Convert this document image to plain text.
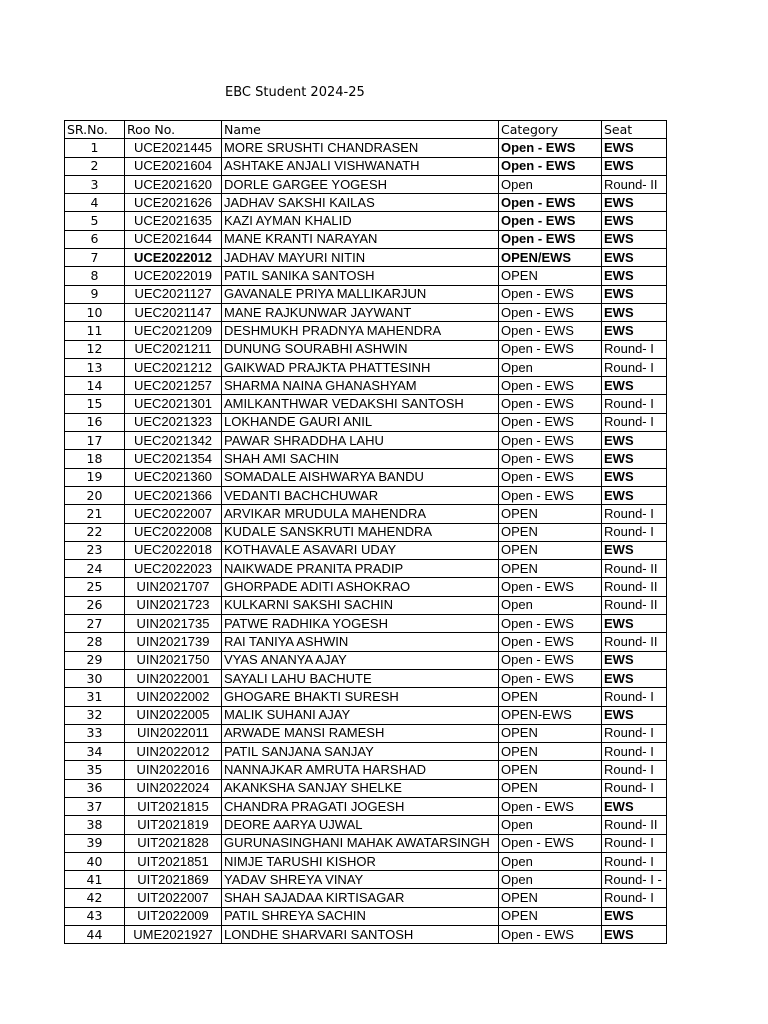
EBC Student 2024-25
SR.No.	Roo No.	Name	Category	Seat
1	UCE2021445	MORE SRUSHTI CHANDRASEN	Open - EWS	EWS
2	UCE2021604	ASHTAKE ANJALI VISHWANATH	Open - EWS	EWS
3	UCE2021620	DORLE GARGEE YOGESH	Open	Round- II
4	UCE2021626	JADHAV SAKSHI KAILAS	Open - EWS	EWS
5	UCE2021635	KAZI AYMAN KHALID	Open - EWS	EWS
6	UCE2021644	MANE KRANTI NARAYAN	Open - EWS	EWS
7	UCE2022012	JADHAV MAYURI NITIN	OPEN/EWS	EWS
8	UCE2022019	PATIL SANIKA SANTOSH	OPEN	EWS
9	UEC2021127	GAVANALE PRIYA MALLIKARJUN	Open - EWS	EWS
10	UEC2021147	MANE RAJKUNWAR JAYWANT	Open - EWS	EWS
11	UEC2021209	DESHMUKH PRADNYA MAHENDRA	Open - EWS	EWS
12	UEC2021211	DUNUNG SOURABHI ASHWIN	Open - EWS	Round- I
13	UEC2021212	GAIKWAD PRAJKTA PHATTESINH	Open	Round- I
14	UEC2021257	SHARMA NAINA GHANASHYAM	Open - EWS	EWS
15	UEC2021301	AMILKANTHWAR VEDAKSHI SANTOSH	Open - EWS	Round- I
16	UEC2021323	LOKHANDE GAURI ANIL	Open - EWS	Round- I
17	UEC2021342	PAWAR SHRADDHA LAHU	Open - EWS	EWS
18	UEC2021354	SHAH AMI SACHIN	Open - EWS	EWS
19	UEC2021360	SOMADALE AISHWARYA BANDU	Open - EWS	EWS
20	UEC2021366	VEDANTI BACHCHUWAR	Open - EWS	EWS
21	UEC2022007	ARVIKAR MRUDULA MAHENDRA	OPEN	Round- I
22	UEC2022008	KUDALE SANSKRUTI MAHENDRA	OPEN	Round- I
23	UEC2022018	KOTHAVALE ASAVARI UDAY	OPEN	EWS
24	UEC2022023	NAIKWADE PRANITA PRADIP	OPEN	Round- II
25	UIN2021707	GHORPADE ADITI ASHOKRAO	Open - EWS	Round- II
26	UIN2021723	KULKARNI SAKSHI SACHIN	Open	Round- II
27	UIN2021735	PATWE RADHIKA YOGESH	Open - EWS	EWS
28	UIN2021739	RAI TANIYA ASHWIN	Open - EWS	Round- II
29	UIN2021750	VYAS ANANYA AJAY	Open - EWS	EWS
30	UIN2022001	SAYALI LAHU BACHUTE	Open - EWS	EWS
31	UIN2022002	GHOGARE BHAKTI SURESH	OPEN	Round- I
32	UIN2022005	MALIK SUHANI AJAY	OPEN-EWS	EWS
33	UIN2022011	ARWADE MANSI RAMESH	OPEN	Round- I
34	UIN2022012	PATIL SANJANA SANJAY	OPEN	Round- I
35	UIN2022016	NANNAJKAR AMRUTA HARSHAD	OPEN	Round- I
36	UIN2022024	AKANKSHA SANJAY SHELKE	OPEN	Round- I
37	UIT2021815	CHANDRA PRAGATI JOGESH	Open - EWS	EWS
38	UIT2021819	DEORE AARYA UJWAL	Open	Round- II
39	UIT2021828	GURUNASINGHANI MAHAK AWATARSINGH	Open - EWS	Round- I
40	UIT2021851	NIMJE TARUSHI KISHOR	Open	Round- I
41	UIT2021869	YADAV SHREYA VINAY	Open	Round- I -
42	UIT2022007	SHAH SAJADAA KIRTISAGAR	OPEN	Round- I
43	UIT2022009	PATIL SHREYA SACHIN	OPEN	EWS
44	UME2021927	LONDHE SHARVARI SANTOSH	Open - EWS	EWS
